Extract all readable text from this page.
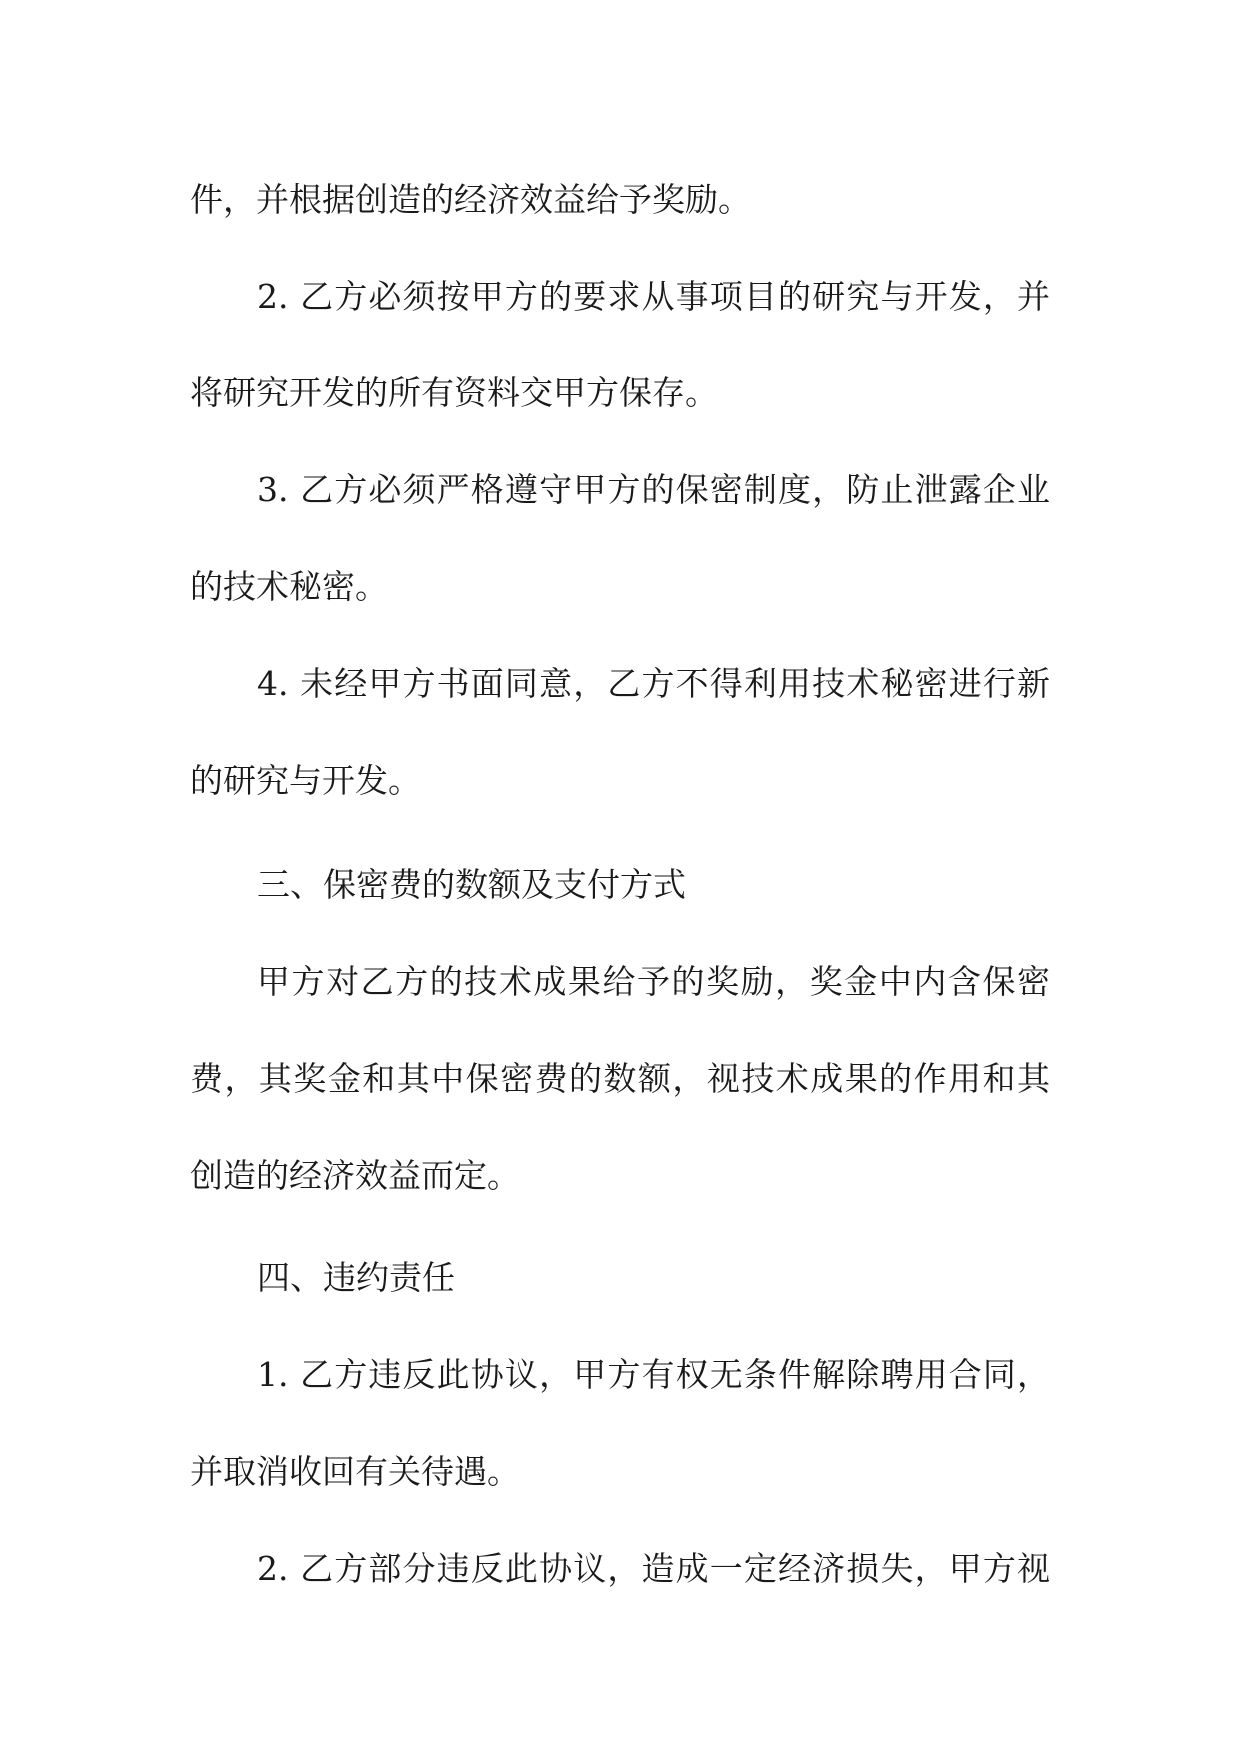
件，并根据创造的经济效益给予奖励。
2. 乙方必须按甲方的要求从事项目的研究与开发，并
将研究开发的所有资料交甲方保存。
3. 乙方必须严格遵守甲方的保密制度，防止泄露企业
的技术秘密。
4. 未经甲方书面同意，乙方不得利用技术秘密进行新
的研究与开发。
三、保密费的数额及支付方式
甲方对乙方的技术成果给予的奖励，奖金中内含保密
费，其奖金和其中保密费的数额，视技术成果的作用和其
创造的经济效益而定。
四、违约责任
1. 乙方违反此协议，甲方有权无条件解除聘用合同，
并取消收回有关待遇。
2. 乙方部分违反此协议，造成一定经济损失，甲方视
